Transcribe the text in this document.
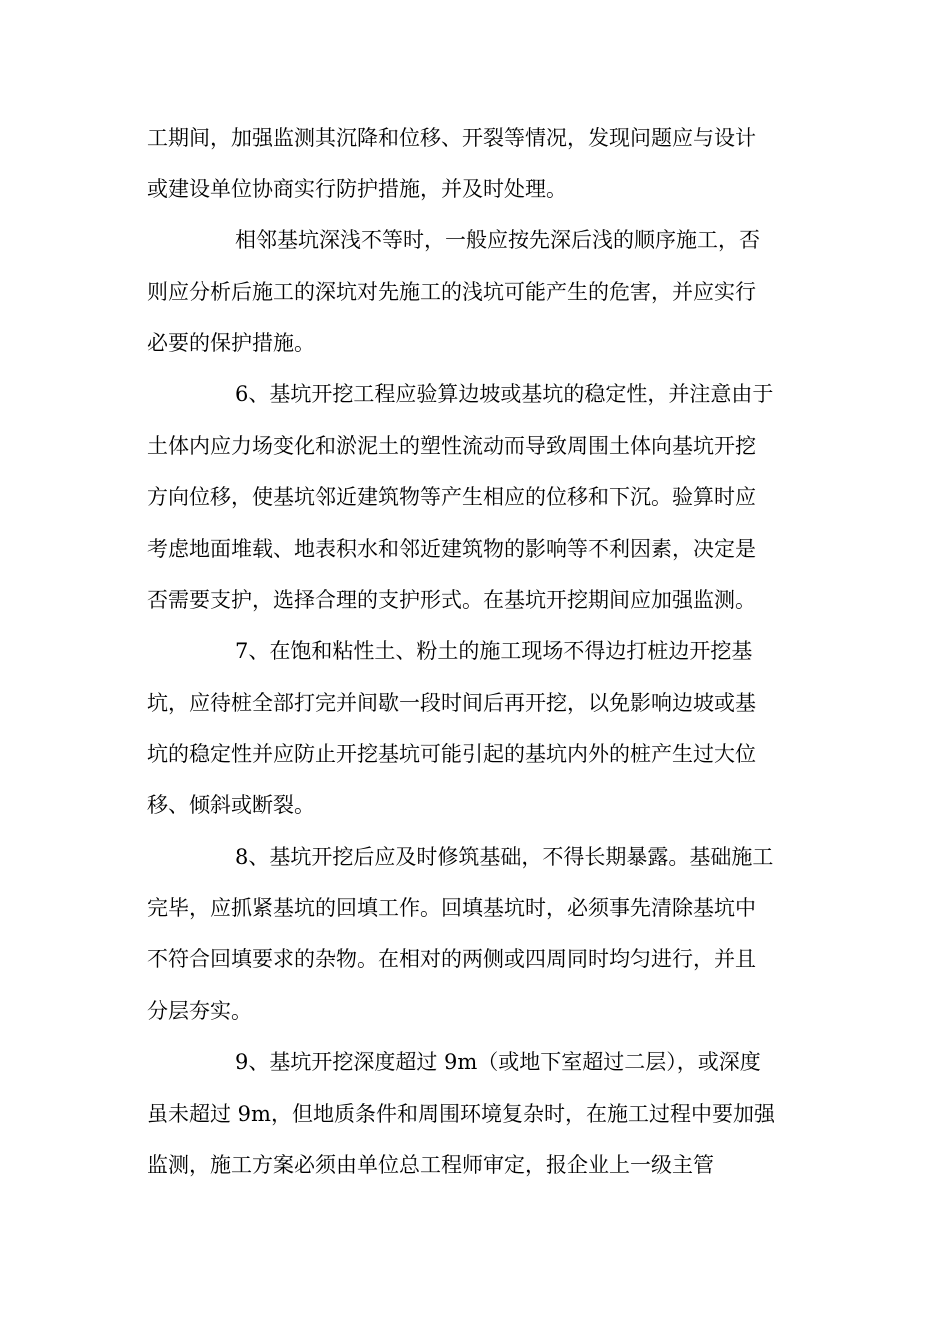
工期间，加强监测其沉降和位移、开裂等情况，发现问题应与设计
或建设单位协商实行防护措施，并及时处理。
相邻基坑深浅不等时，一般应按先深后浅的顺序施工，否
则应分析后施工的深坑对先施工的浅坑可能产生的危害，并应实行
必要的保护措施。
6、基坑开挖工程应验算边坡或基坑的稳定性，并注意由于
土体内应力场变化和淤泥土的塑性流动而导致周围土体向基坑开挖
方向位移，使基坑邻近建筑物等产生相应的位移和下沉。验算时应
考虑地面堆载、地表积水和邻近建筑物的影响等不利因素，决定是
否需要支护，选择合理的支护形式。在基坑开挖期间应加强监测。
7、在饱和粘性土、粉土的施工现场不得边打桩边开挖基
坑，应待桩全部打完并间歇一段时间后再开挖，以免影响边坡或基
坑的稳定性并应防止开挖基坑可能引起的基坑内外的桩产生过大位
移、倾斜或断裂。
8、基坑开挖后应及时修筑基础，不得长期暴露。基础施工
完毕，应抓紧基坑的回填工作。回填基坑时，必须事先清除基坑中
不符合回填要求的杂物。在相对的两侧或四周同时均匀进行，并且
分层夯实。
9、基坑开挖深度超过 9m（或地下室超过二层），或深度
虽未超过 9m，但地质条件和周围环境复杂时，在施工过程中要加强
监测，施工方案必须由单位总工程师审定，报企业上一级主管
